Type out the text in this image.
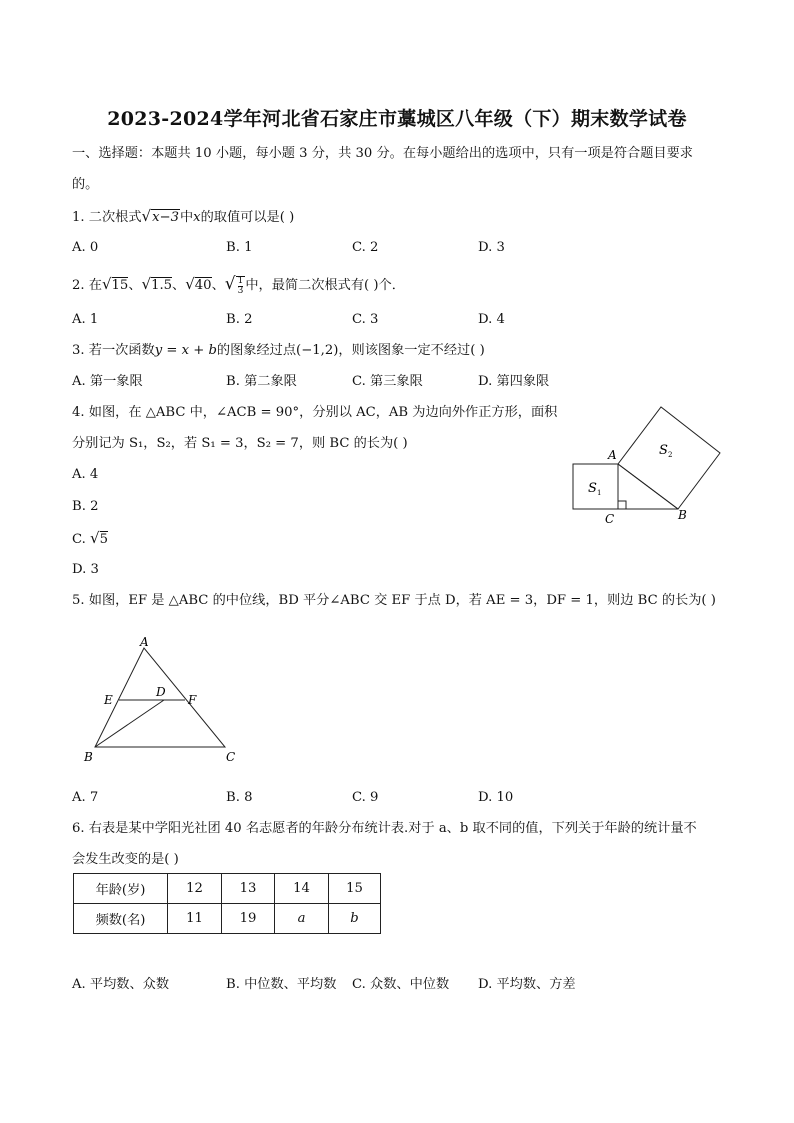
2023-2024学年河北省石家庄市藁城区八年级（下）期末数学试卷
一、选择题：本题共 10 小题，每小题 3 分，共 30 分。在每小题给出的选项中，只有一项是符合题目要求
的。
1. 二次根式√x−3中x的取值可以是( )
A. 0	B. 1	C. 2	D. 3
2. 在√15、√1.5、√40、√ $\frac{1}{3}$ 中，最简二次根式有( )个．
A. 1	B. 2	C. 3	D. 4
3. 若一次函数y = x + b的图象经过点(−1,2)，则该图象一定不经过( )
A. 第一象限	B. 第二象限	C. 第三象限	D. 第四象限
4. 如图，在 △ABC 中，∠ACB = 90°，分别以 AC，AB 为边向外作正方形，面积
分别记为 S₁，S₂，若 S₁ = 3，S₂ = 7，则 BC 的长为( )
A. 4
B. 2
C. √5
D. 3
A
C	B
S 1
S 2
5. 如图，EF 是 △ABC 的中位线，BD 平分∠ABC 交 EF 于点 D，若 AE = 3，DF = 1，则边 BC 的长为( )
A
E
D
F
B	C
A. 7	B. 8	C. 9	D. 10
6. 右表是某中学阳光社团 40 名志愿者的年龄分布统计表.对于 a、b 取不同的值，下列关于年龄的统计量不
会发生改变的是( )
年龄(岁)	12	13	14	15
频数(名)	11	19	a	b
A. 平均数、众数	B. 中位数、平均数 C. 众数、中位数 D. 平均数、方差
